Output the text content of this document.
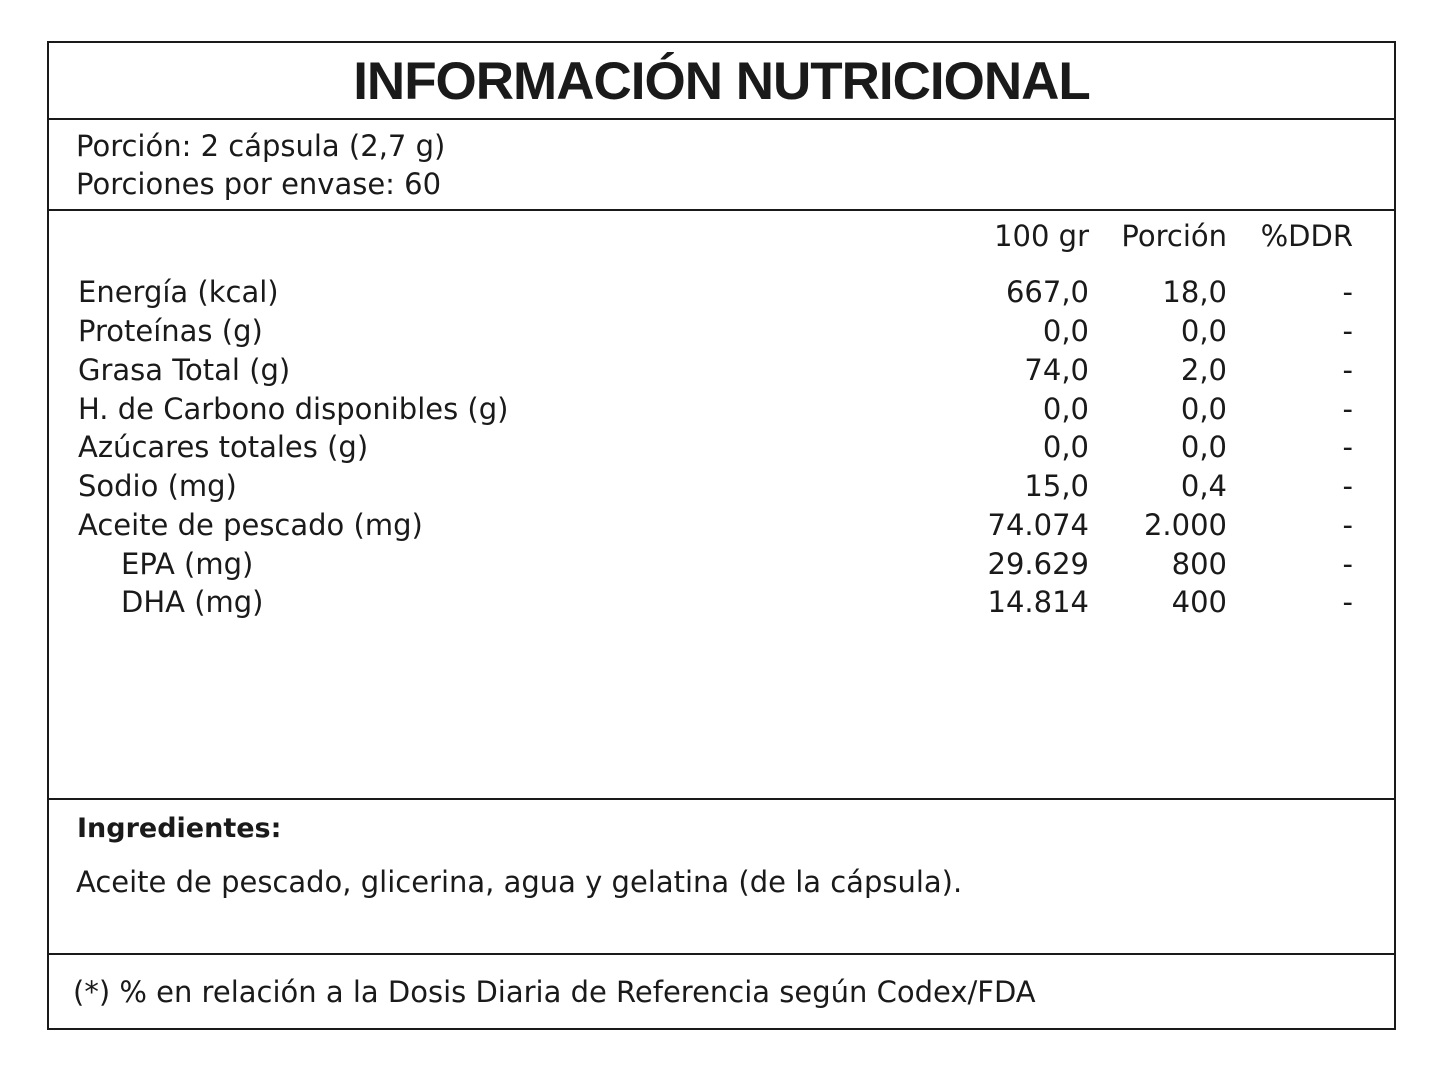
INFORMACIÓN NUTRICIONAL
Porción: 2 cápsula (2,7 g)
Porciones por envase: 60
100 gr Porción %DDR
Energía (kcal)	667,0	18,0	-
Proteínas (g)	0,0	0,0	-
Grasa Total (g)	74,0	2,0	-
H. de Carbono disponibles (g)	0,0	0,0	-
Azúcares totales (g)	0,0	0,0	-
Sodio (mg)	15,0	0,4	-
Aceite de pescado (mg)	74.074 2.000	-
EPA (mg)	29.629	800	-
DHA (mg)	14.814	400	-
Ingredientes:
Aceite de pescado, glicerina, agua y gelatina (de la cápsula).
(*) % en relación a la Dosis Diaria de Referencia según Codex/FDA
